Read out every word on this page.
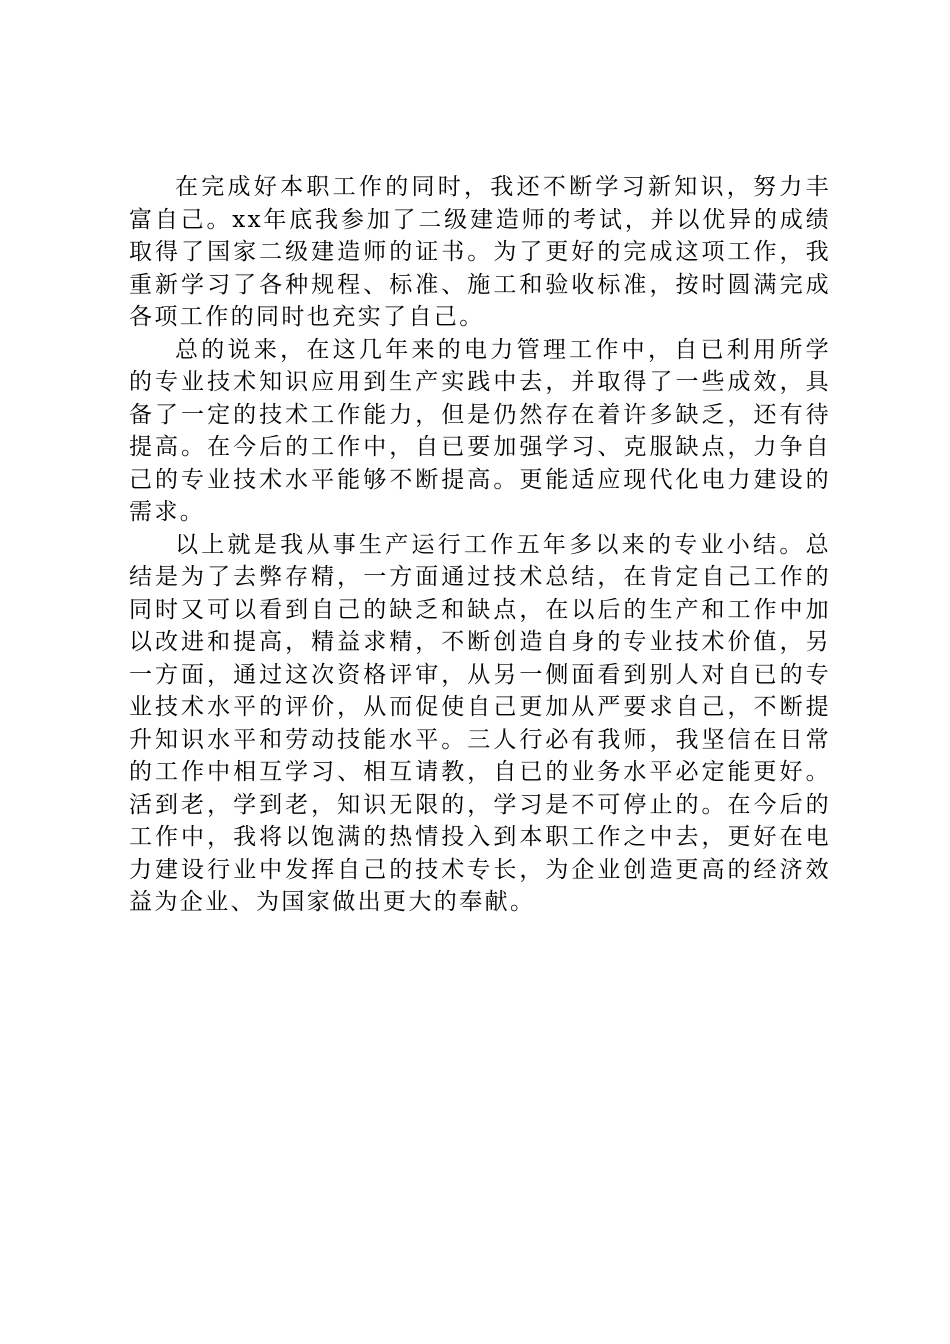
在完成好本职工作的同时，我还不断学习新知识，努力丰富自己。xx年底我参加了二级建造师的考试，并以优异的成绩取得了国家二级建造师的证书。为了更好的完成这项工作，我重新学习了各种规程、标准、施工和验收标准，按时圆满完成各项工作的同时也充实了自己。

总的说来，在这几年来的电力管理工作中，自已利用所学的专业技术知识应用到生产实践中去，并取得了一些成效，具备了一定的技术工作能力，但是仍然存在着许多缺乏，还有待提高。在今后的工作中，自已要加强学习、克服缺点，力争自己的专业技术水平能够不断提高。更能适应现代化电力建设的需求。

以上就是我从事生产运行工作五年多以来的专业小结。总结是为了去弊存精，一方面通过技术总结，在肯定自己工作的同时又可以看到自己的缺乏和缺点，在以后的生产和工作中加以改进和提高，精益求精，不断创造自身的专业技术价值，另一方面，通过这次资格评审，从另一侧面看到别人对自已的专业技术水平的评价，从而促使自己更加从严要求自己，不断提升知识水平和劳动技能水平。三人行必有我师，我坚信在日常的工作中相互学习、相互请教，自已的业务水平必定能更好。活到老，学到老，知识无限的，学习是不可停止的。在今后的工作中，我将以饱满的热情投入到本职工作之中去，更好在电力建设行业中发挥自己的技术专长，为企业创造更高的经济效益为企业、为国家做出更大的奉献。
